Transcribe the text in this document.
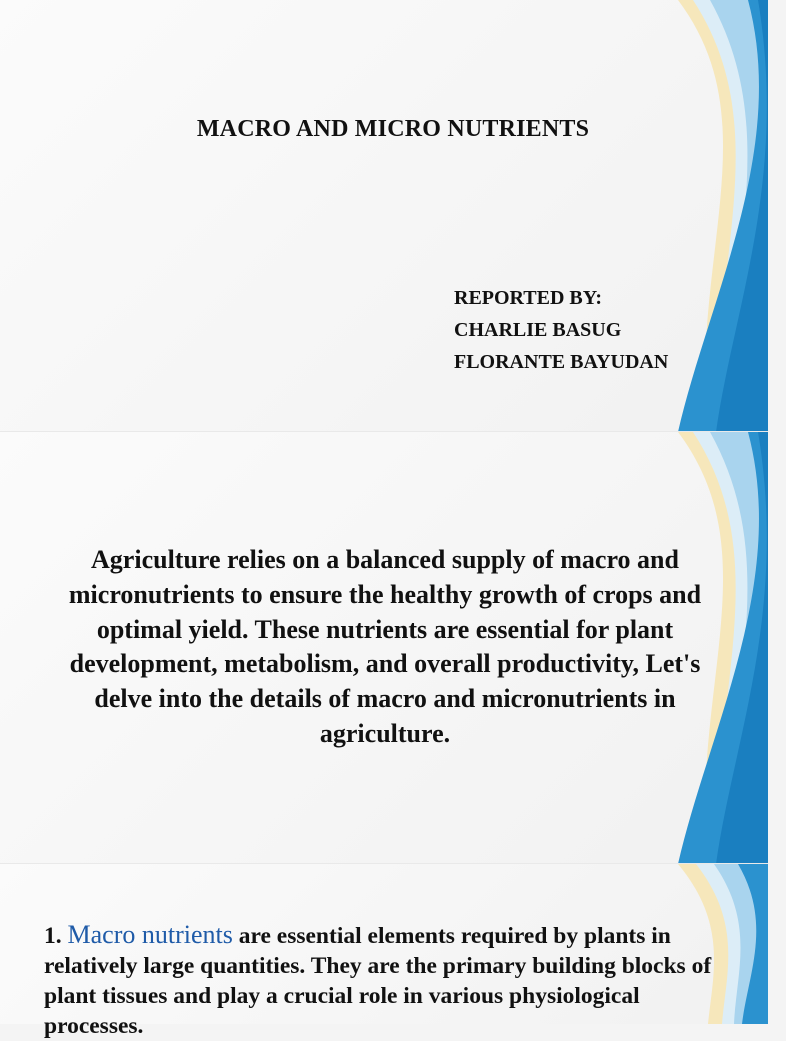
MACRO AND MICRO NUTRIENTS
REPORTED BY:
CHARLIE BASUG
FLORANTE BAYUDAN
Agriculture relies on a balanced supply of macro and micronutrients to ensure the healthy growth of crops and optimal yield. These nutrients are essential for plant development, metabolism, and overall productivity, Let's delve into the details of macro and micronutrients in agriculture.
1. Macro nutrients are essential elements required by plants in relatively large quantities. They are the primary building blocks of plant tissues and play a crucial role in various physiological processes.
